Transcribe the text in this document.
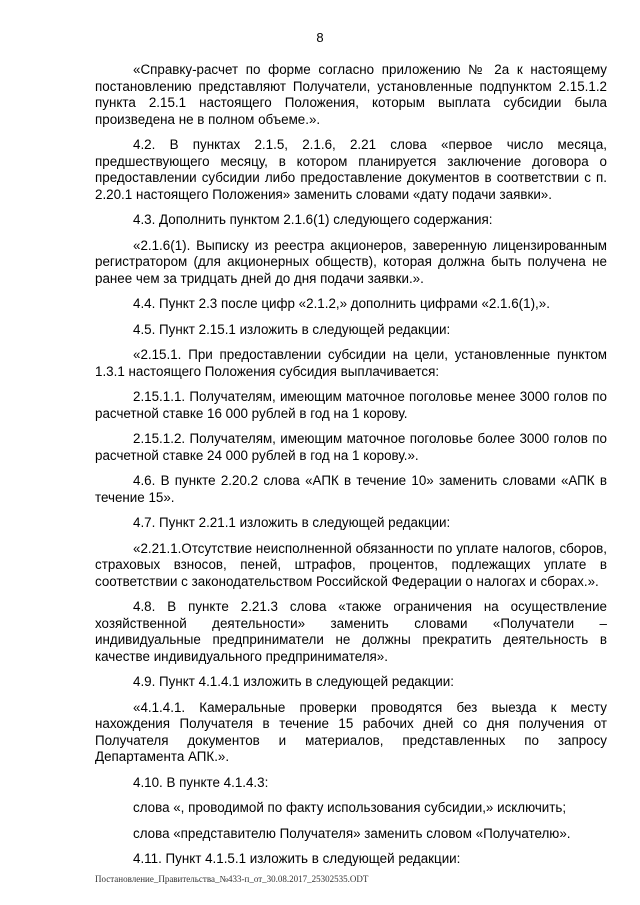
8

«Справку-расчет по форме согласно приложению № 2а к настоящему постановлению представляют Получатели, установленные подпунктом 2.15.1.2 пункта 2.15.1 настоящего Положения, которым выплата субсидии была произведена не в полном объеме.».

4.2. В пунктах 2.1.5, 2.1.6, 2.21 слова «первое число месяца, предшествующего месяцу, в котором планируется заключение договора о предоставлении субсидии либо предоставление документов в соответствии с п. 2.20.1 настоящего Положения» заменить словами «дату подачи заявки».

4.3. Дополнить пунктом 2.1.6(1) следующего содержания:

«2.1.6(1). Выписку из реестра акционеров, заверенную лицензированным регистратором (для акционерных обществ), которая должна быть получена не ранее чем за тридцать дней до дня подачи заявки.».

4.4. Пункт 2.3 после цифр «2.1.2,» дополнить цифрами «2.1.6(1),».

4.5. Пункт 2.15.1 изложить в следующей редакции:

«2.15.1. При предоставлении субсидии на цели, установленные пунктом 1.3.1 настоящего Положения субсидия выплачивается:

2.15.1.1. Получателям, имеющим маточное поголовье менее 3000 голов по расчетной ставке 16 000 рублей в год на 1 корову.

2.15.1.2. Получателям, имеющим маточное поголовье более 3000 голов по расчетной ставке 24 000 рублей в год на 1 корову.».

4.6. В пункте 2.20.2 слова «АПК в течение 10» заменить словами «АПК в течение 15».

4.7. Пункт 2.21.1 изложить в следующей редакции:

«2.21.1.Отсутствие неисполненной обязанности по уплате налогов, сборов, страховых взносов, пеней, штрафов, процентов, подлежащих уплате в соответствии с законодательством Российской Федерации о налогах и сборах.».

4.8. В пункте 2.21.3 слова «также ограничения на осуществление хозяйственной деятельности» заменить словами «Получатели – индивидуальные предприниматели не должны прекратить деятельность в качестве индивидуального предпринимателя».

4.9. Пункт 4.1.4.1 изложить в следующей редакции:

«4.1.4.1. Камеральные проверки проводятся без выезда к месту нахождения Получателя в течение 15 рабочих дней со дня получения от Получателя документов и материалов, представленных по запросу Департамента АПК.».

4.10. В пункте 4.1.4.3:

слова «, проводимой по факту использования субсидии,» исключить;

слова «представителю Получателя» заменить словом «Получателю».

4.11. Пункт 4.1.5.1 изложить в следующей редакции:

Постановление_Правительства_№433-п_от_30.08.2017_25302535.ODT
